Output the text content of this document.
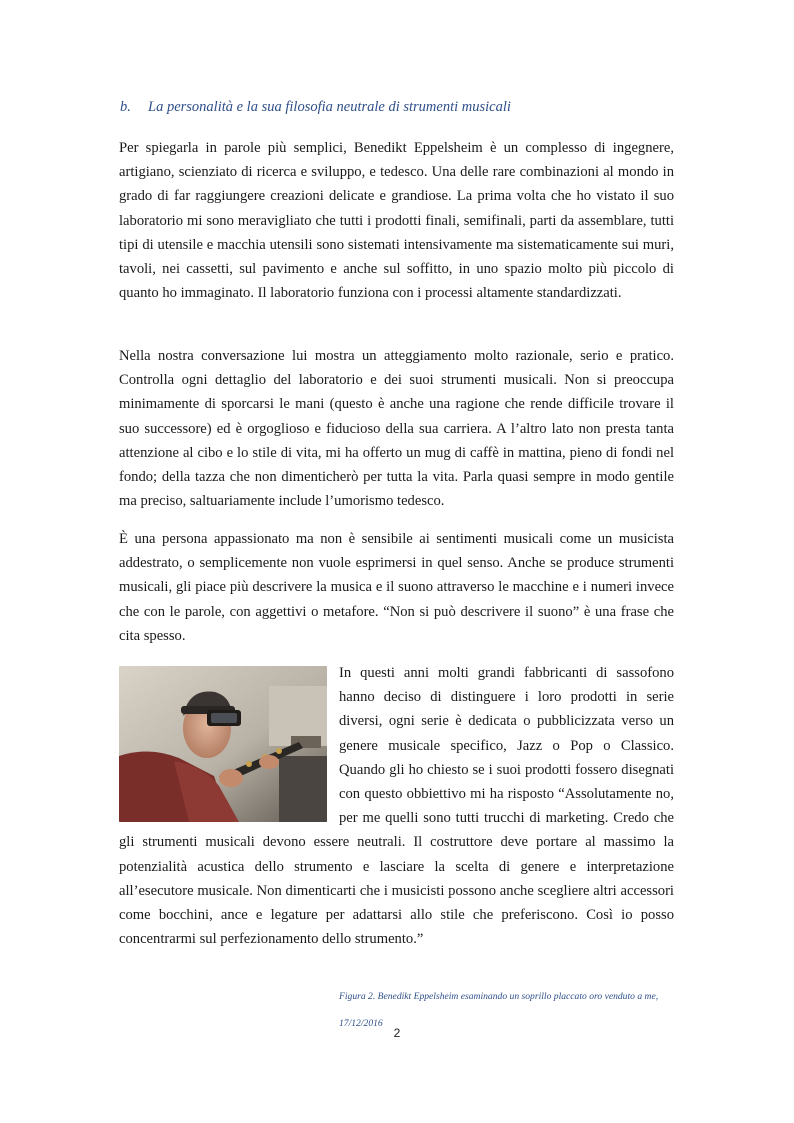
b. La personalità e la sua filosofia neutrale di strumenti musicali

Per spiegarla in parole più semplici, Benedikt Eppelsheim è un complesso di ingegnere, artigiano, scienziato di ricerca e sviluppo, e tedesco. Una delle rare combinazioni al mondo in grado di far raggiungere creazioni delicate e grandiose. La prima volta che ho vistato il suo laboratorio mi sono meravigliato che tutti i prodotti finali, semifinali, parti da assemblare, tutti tipi di utensile e macchia utensili sono sistemati intensivamente ma sistematicamente sui muri, tavoli, nei cassetti, sul pavimento e anche sul soffitto, in uno spazio molto più piccolo di quanto ho immaginato. Il laboratorio funziona con i processi altamente standardizzati.

Nella nostra conversazione lui mostra un atteggiamento molto razionale, serio e pratico. Controlla ogni dettaglio del laboratorio e dei suoi strumenti musicali. Non si preoccupa minimamente di sporcarsi le mani (questo è anche una ragione che rende difficile trovare il suo successore) ed è orgoglioso e fiducioso della sua carriera. A l’altro lato non presta tanta attenzione al cibo e lo stile di vita, mi ha offerto un mug di caffè in mattina, pieno di fondi nel fondo; della tazza che non dimenticherò per tutta la vita. Parla quasi sempre in modo gentile ma preciso, saltuariamente include l’umorismo tedesco.

È una persona appassionato ma non è sensibile ai sentimenti musicali come un musicista addestrato, o semplicemente non vuole esprimersi in quel senso. Anche se produce strumenti musicali, gli piace più descrivere la musica e il suono attraverso le macchine e i numeri invece che con le parole, con aggettivi o metafore. “Non si può descrivere il suono” è una frase che cita spesso.

In questi anni molti grandi fabbricanti di sassofono hanno deciso di distinguere i loro prodotti in serie diversi, ogni serie è dedicata o pubblicizzata verso un genere musicale specifico, Jazz o Pop o Classico. Quando gli ho chiesto se i suoi prodotti fossero disegnati con questo obbiettivo mi ha risposto “Assolutamente no, per me quelli sono tutti trucchi di marketing. Credo che gli strumenti musicali devono essere neutrali. Il costruttore deve portare al massimo la potenzialità acustica dello strumento e lasciare la scelta di genere e interpretazione all’esecutore musicale. Non dimenticarti che i musicisti possono anche scegliere altri accessori come bocchini, ance e legature per adattarsi allo stile che preferiscono. Così io posso concentrarmi sul perfezionamento dello strumento.”

Figura 2. Benedikt Eppelsheim esaminando un soprillo placcato oro venduto a me, 17/12/2016

2
